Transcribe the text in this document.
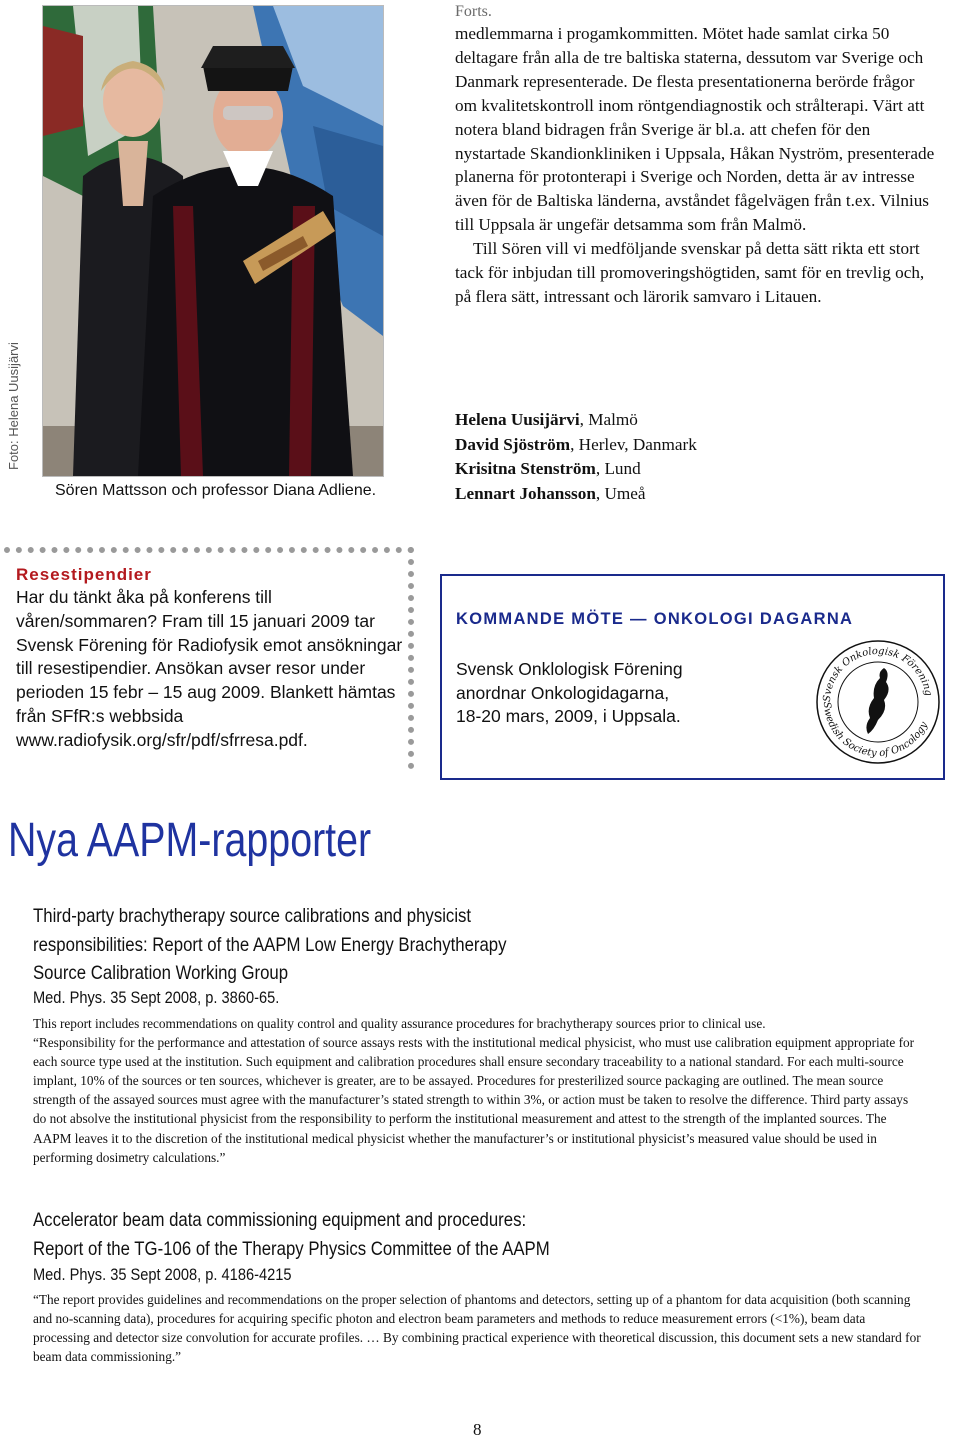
Foto: Helena Uusijärvi
Sören Mattsson och professor Diana Adliene.
Forts.

medlemmarna i progamkommitten. Mötet hade samlat cirka 50 deltagare från alla de tre baltiska staterna, dessutom var Sverige och Danmark representerade. De flesta presentationerna berörde frågor om kvalitetskontroll inom röntgendiagnostik och strålterapi. Värt att notera bland bidragen från Sverige är bl.a. att chefen för den nystartade Skandionkliniken i Uppsala, Håkan Nyström, presenterade planerna för protonterapi i Sverige och Norden, detta är av intresse även för de Baltiska länderna, avståndet fågelvägen från t.ex. Vilnius till Uppsala är ungefär detsamma som från Malmö.

Till Sören vill vi medföljande svenskar på detta sätt rikta ett stort tack för inbjudan till promoveringshögtiden, samt för en trevlig och, på flera sätt, intressant och lärorik samvaro i Litauen.

Helena Uusijärvi, Malmö
David Sjöström, Herlev, Danmark
Krisitna Stenström, Lund
Lennart Johansson, Umeå
Resestipendier
Har du tänkt åka på konferens till våren/sommaren? Fram till 15 januari 2009 tar Svensk Förening för Radiofysik emot ansökningar till resestipendier. Ansökan avser resor under perioden 15 febr – 15 aug 2009. Blankett hämtas från SFfR:s webbsida www.radiofysik.org/sfr/pdf/sfrresa.pdf.
KOMMANDE MÖTE — ONKOLOGI DAGARNA
Svensk Onklologisk Förening
anordnar Onkologidagarna,
18-20 mars, 2009, i Uppsala.
Svensk Onkologisk Förening
Swedish Society of Oncology
Nya AAPM-rapporter
Third-party brachytherapy source calibrations and physicist
responsibilities: Report of the AAPM Low Energy Brachytherapy
Source Calibration Working Group
Med. Phys. 35 Sept 2008, p. 3860-65.

This report includes recommendations on quality control and quality assurance procedures for brachytherapy sources prior to clinical use.

“Responsibility for the performance and attestation of source assays rests with the institutional medical physicist, who must use calibration equipment appropriate for each source type used at the institution. Such equipment and calibration procedures shall ensure secondary traceability to a national standard. For each multi-source implant, 10% of the sources or ten sources, whichever is greater, are to be assayed. Procedures for presterilized source packaging are outlined. The mean source strength of the assayed sources must agree with the manufacturer’s stated strength to within 3%, or action must be taken to resolve the difference. Third party assays do not absolve the institutional physicist from the responsibility to perform the institutional measurement and attest to the strength of the implanted sources. The AAPM leaves it to the discretion of the institutional medical physicist whether the manufacturer’s or institutional physicist’s measured value should be used in performing dosimetry calculations.”

Accelerator beam data commissioning equipment and procedures:
Report of the TG-106 of the Therapy Physics Committee of the AAPM
Med. Phys. 35 Sept 2008, p. 4186-4215

“The report provides guidelines and recommendations on the proper selection of phantoms and detectors, setting up of a phantom for data acquisition (both scanning and no-scanning data), procedures for acquiring specific photon and electron beam parameters and methods to reduce measurement errors (<1%), beam data processing and detector size convolution for accurate profiles. … By combining practical experience with theoretical discussion, this document sets a new standard for beam data commissioning.”

8
